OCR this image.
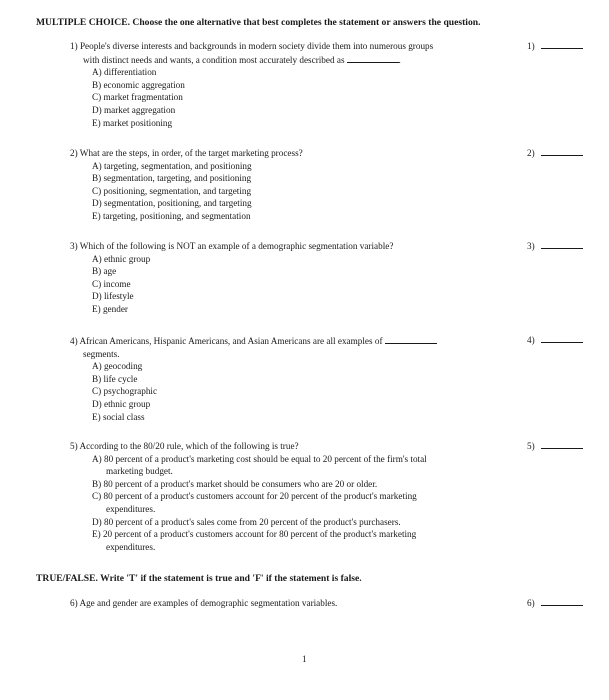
MULTIPLE CHOICE. Choose the one alternative that best completes the statement or answers the question.
1) People's diverse interests and backgrounds in modern society divide them into numerous groups
with distinct needs and wants, a condition most accurately described as	.
A) differentiation
B) economic aggregation
C) market fragmentation
D) market aggregation
E) market positioning
1)
2) What are the steps, in order, of the target marketing process?
A) targeting, segmentation, and positioning
B) segmentation, targeting, and positioning
C) positioning, segmentation, and targeting
D) segmentation, positioning, and targeting
E) targeting, positioning, and segmentation
2)
3) Which of the following is NOT an example of a demographic segmentation variable?
A) ethnic group
B) age
C) income
D) lifestyle
E) gender
3)
4) African Americans, Hispanic Americans, and Asian Americans are all examples of
segments.
A) geocoding
B) life cycle
C) psychographic
D) ethnic group
E) social class
4)
5) According to the 80/20 rule, which of the following is true?
A) 80 percent of a product's marketing cost should be equal to 20 percent of the firm's total
marketing budget.
B) 80 percent of a product's market should be consumers who are 20 or older.
C) 80 percent of a product's customers account for 20 percent of the product's marketing
expenditures.
D) 80 percent of a product's sales come from 20 percent of the product's purchasers.
E) 20 percent of a product's customers account for 80 percent of the product's marketing
expenditures.
5)
TRUE/FALSE. Write 'T' if the statement is true and 'F' if the statement is false.
6) Age and gender are examples of demographic segmentation variables.	6)
1
